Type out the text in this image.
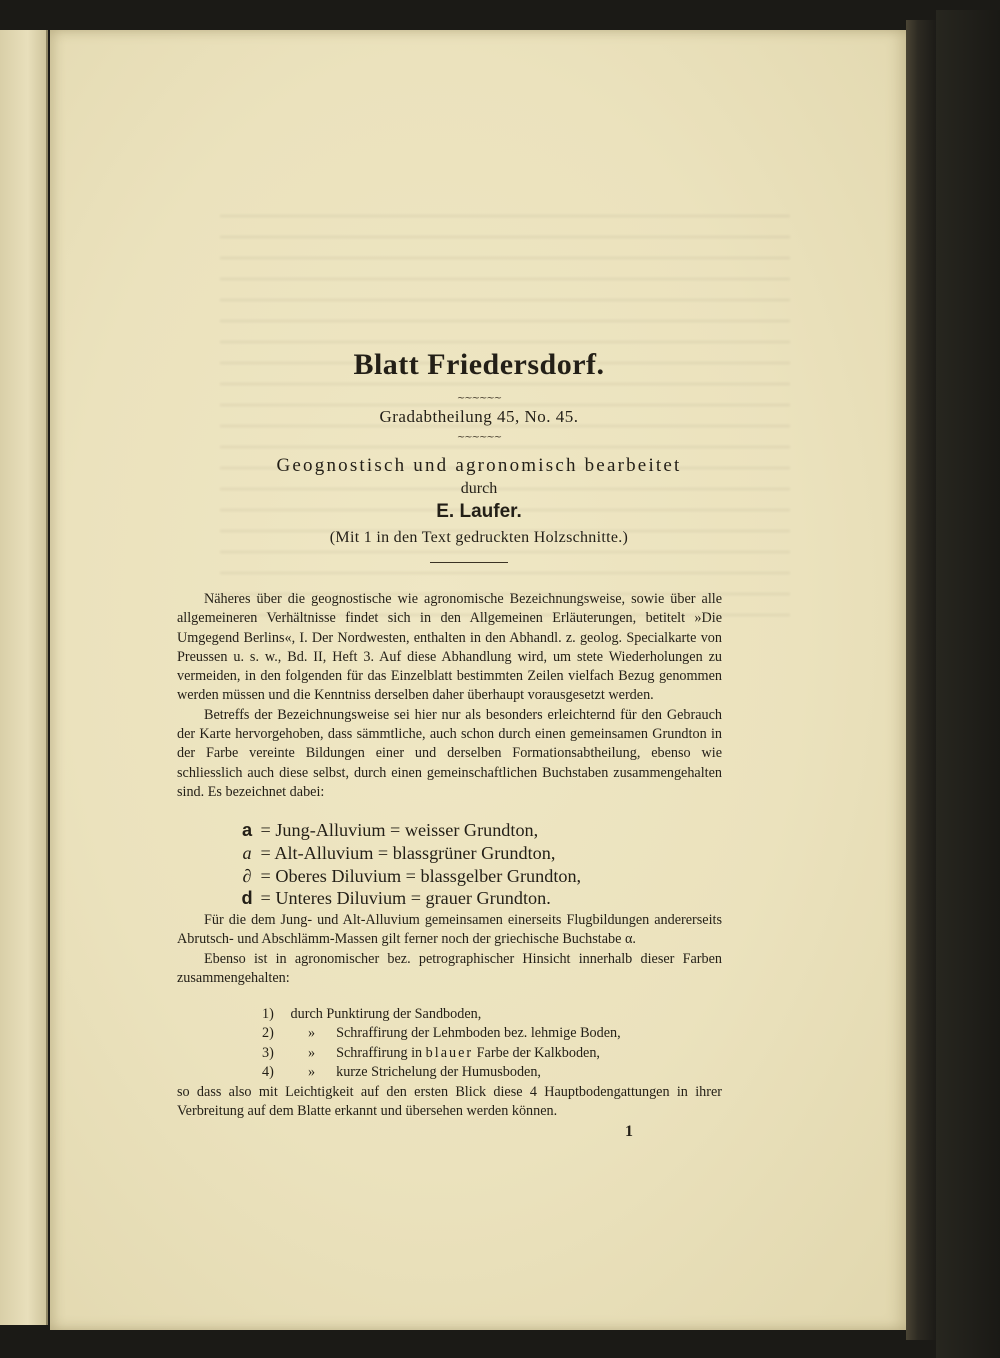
Blatt Friedersdorf.
~~~~~~
Gradabtheilung 45, No. 45.
~~~~~~
Geognostisch und agronomisch bearbeitet
durch
E. Laufer.
(Mit 1 in den Text gedruckten Holzschnitte.)

Näheres über die geognostische wie agronomische Bezeichnungsweise, sowie über alle allgemeineren Verhältnisse findet sich in den Allgemeinen Erläuterungen, betitelt »Die Umgegend Berlins«, I. Der Nordwesten, enthalten in den Abhandl. z. geolog. Specialkarte von Preussen u. s. w., Bd. II, Heft 3. Auf diese Abhandlung wird, um stete Wiederholungen zu vermeiden, in den folgenden für das Einzelblatt bestimmten Zeilen vielfach Bezug genommen werden müssen und die Kenntniss derselben daher überhaupt vorausgesetzt werden.

Betreffs der Bezeichnungsweise sei hier nur als besonders erleichternd für den Gebrauch der Karte hervorgehoben, dass sämmtliche, auch schon durch einen gemeinsamen Grundton in der Farbe vereinte Bildungen einer und derselben Formationsabtheilung, ebenso wie schliesslich auch diese selbst, durch einen gemeinschaftlichen Buchstaben zusammengehalten sind. Es bezeichnet dabei:

a = Jung-Alluvium = weisser Grundton,
a = Alt-Alluvium = blassgrüner Grundton,
∂ = Oberes Diluvium = blassgelber Grundton,
d = Unteres Diluvium = grauer Grundton.

Für die dem Jung- und Alt-Alluvium gemeinsamen einerseits Flugbildungen andererseits Abrutsch- und Abschlämm-Massen gilt ferner noch der griechische Buchstabe α.

Ebenso ist in agronomischer bez. petrographischer Hinsicht innerhalb dieser Farben zusammengehalten:

1) durch Punktirung der Sandboden,
2) » Schraffirung der Lehmboden bez. lehmige Boden,
3) » Schraffirung in blauer Farbe der Kalkboden,
4) » kurze Strichelung der Humusboden,
so dass also mit Leichtigkeit auf den ersten Blick diese 4 Hauptbodengattungen in ihrer Verbreitung auf dem Blatte erkannt und übersehen werden können.
1
